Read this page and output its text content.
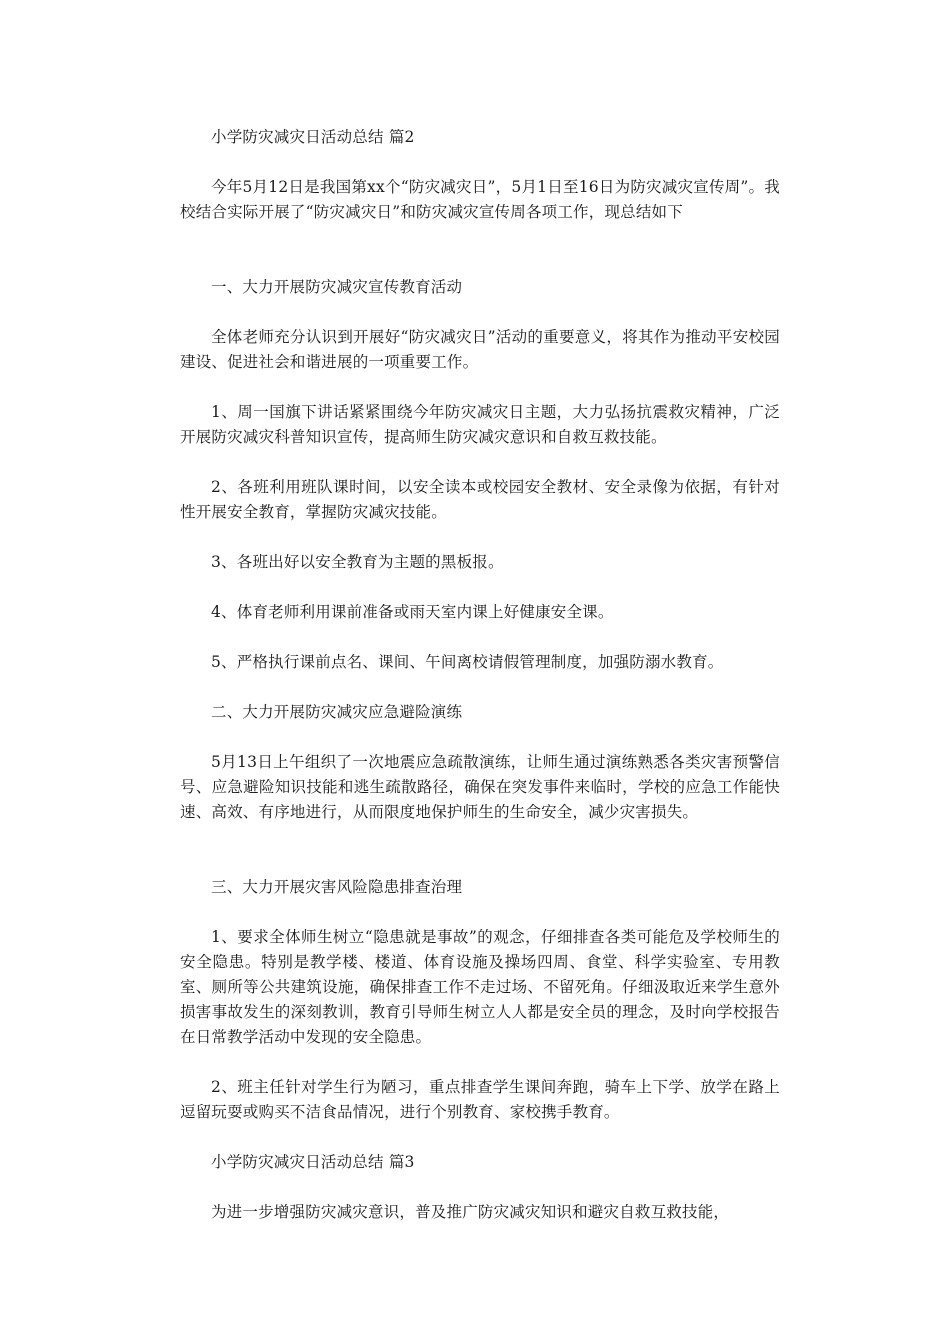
小学防灾减灾日活动总结 篇2

今年5月12日是我国第xx个“防灾减灾日”，5月1日至16日为防灾减灾宣传周”。我校结合实际开展了“防灾减灾日”和防灾减灾宣传周各项工作，现总结如下

一、大力开展防灾减灾宣传教育活动

全体老师充分认识到开展好“防灾减灾日”活动的重要意义，将其作为推动平安校园建设、促进社会和谐进展的一项重要工作。

1、周一国旗下讲话紧紧围绕今年防灾减灾日主题，大力弘扬抗震救灾精神，广泛开展防灾减灾科普知识宣传，提高师生防灾减灾意识和自救互救技能。

2、各班利用班队课时间，以安全读本或校园安全教材、安全录像为依据，有针对性开展安全教育，掌握防灾减灾技能。

3、各班出好以安全教育为主题的黑板报。

4、体育老师利用课前准备或雨天室内课上好健康安全课。

5、严格执行课前点名、课间、午间离校请假管理制度，加强防溺水教育。

二、大力开展防灾减灾应急避险演练

5月13日上午组织了一次地震应急疏散演练，让师生通过演练熟悉各类灾害预警信号、应急避险知识技能和逃生疏散路径，确保在突发事件来临时，学校的应急工作能快速、高效、有序地进行，从而限度地保护师生的生命安全，减少灾害损失。

三、大力开展灾害风险隐患排查治理

1、要求全体师生树立“隐患就是事故”的观念，仔细排查各类可能危及学校师生的安全隐患。特别是教学楼、楼道、体育设施及操场四周、食堂、科学实验室、专用教室、厕所等公共建筑设施，确保排查工作不走过场、不留死角。仔细汲取近来学生意外损害事故发生的深刻教训，教育引导师生树立人人都是安全员的理念，及时向学校报告在日常教学活动中发现的安全隐患。

2、班主任针对学生行为陋习，重点排查学生课间奔跑，骑车上下学、放学在路上逗留玩耍或购买不洁食品情况，进行个别教育、家校携手教育。

小学防灾减灾日活动总结 篇3

为进一步增强防灾减灾意识，普及推广防灾减灾知识和避灾自救互救技能，
